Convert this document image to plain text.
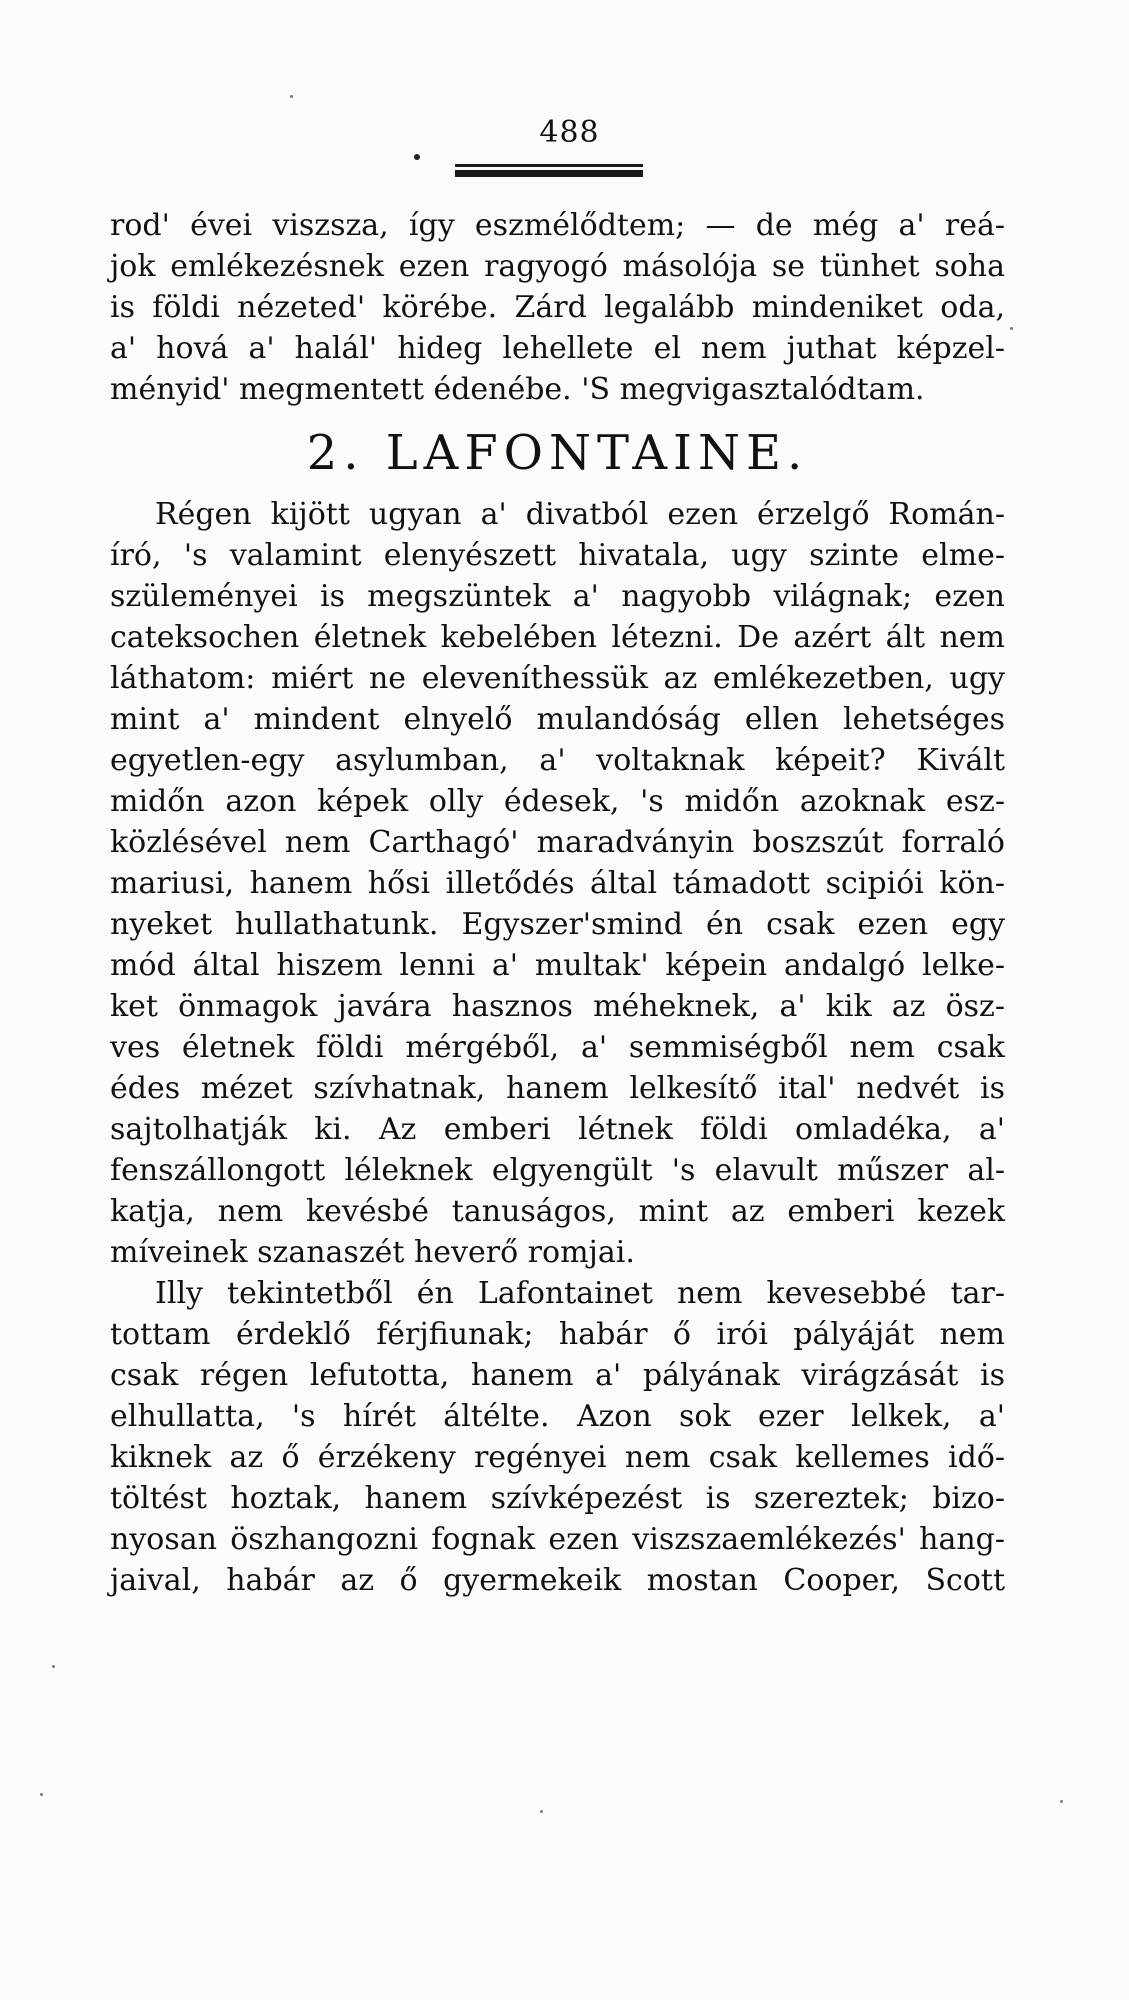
488
rod' évei viszsza, így eszmélődtem; — de még a' reá-
jok emlékezésnek ezen ragyogó másolója se tünhet soha
is földi nézeted' körébe. Zárd legalább mindeniket oda,
a' hová a' halál' hideg lehellete el nem juthat képzel-
ményid' megmentett édenébe. 'S megvigasztalódtam.
2. LAFONTAINE.
Régen kijött ugyan a' divatból ezen érzelgő Román-
író, 's valamint elenyészett hivatala, ugy szinte elme-
szüleményei is megszüntek a' nagyobb világnak; ezen
cateksochen életnek kebelében létezni. De azért ált nem
láthatom: miért ne eleveníthessük az emlékezetben, ugy
mint a' mindent elnyelő mulandóság ellen lehetséges
egyetlen-egy asylumban, a' voltaknak képeit? Kivált
midőn azon képek olly édesek, 's midőn azoknak esz-
közlésével nem Carthagó' maradványin boszszút forraló
mariusi, hanem hősi illetődés által támadott scipiói kön-
nyeket hullathatunk. Egyszer'smind én csak ezen egy
mód által hiszem lenni a' multak' képein andalgó lelke-
ket önmagok javára hasznos méheknek, a' kik az ösz-
ves életnek földi mérgéből, a' semmiségből nem csak
édes mézet szívhatnak, hanem lelkesítő ital' nedvét is
sajtolhatják ki. Az emberi létnek földi omladéka, a'
fenszállongott léleknek elgyengült 's elavult műszer al-
katja, nem kevésbé tanuságos, mint az emberi kezek
míveinek szanaszét heverő romjai.
Illy tekintetből én Lafontainet nem kevesebbé tar-
tottam érdeklő férjfiunak; habár ő irói pályáját nem
csak régen lefutotta, hanem a' pályának virágzását is
elhullatta, 's hírét áltélte. Azon sok ezer lelkek, a'
kiknek az ő érzékeny regényei nem csak kellemes idő-
töltést hoztak, hanem szívképezést is szereztek; bizo-
nyosan öszhangozni fognak ezen viszszaemlékezés' hang-
jaival, habár az ő gyermekeik mostan Cooper, Scott
